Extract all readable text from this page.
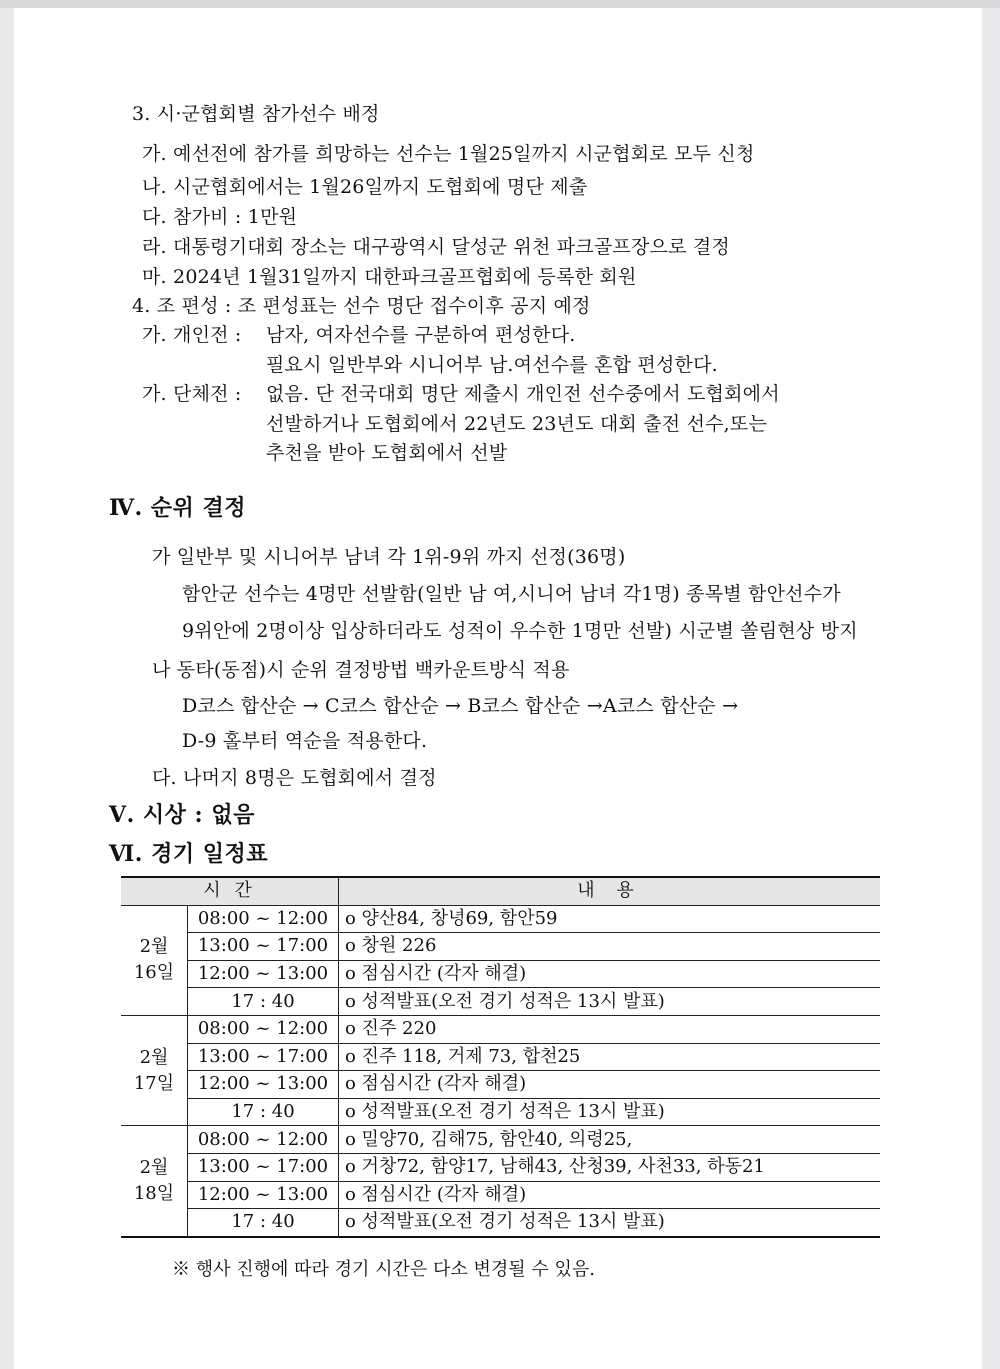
3. 시·군협회별 참가선수 배정
가. 예선전에 참가를 희망하는 선수는 1월25일까지 시군협회로 모두 신청
나. 시군협회에서는 1월26일까지 도협회에 명단 제출
다. 참가비 : 1만원
라. 대통령기대회 장소는 대구광역시 달성군 위천 파크골프장으로 결정
마. 2024년 1월31일까지 대한파크골프협회에 등록한 회원
4. 조 편성 : 조 편성표는 선수 명단 접수이후 공지 예정
가. 개인전 : 남자, 여자선수를 구분하여 편성한다.
필요시 일반부와 시니어부 남.여선수를 혼합 편성한다.
가. 단체전 : 없음. 단 전국대회 명단 제출시 개인전 선수중에서 도협회에서
선발하거나 도협회에서 22년도 23년도 대회 출전 선수,또는
추천을 받아 도협회에서 선발
Ⅳ. 순위 결정
가 일반부 및 시니어부 남녀 각 1위-9위 까지 선정(36명)
함안군 선수는 4명만 선발함(일반 남 여,시니어 남녀 각1명) 종목별 함안선수가
9위안에 2명이상 입상하더라도 성적이 우수한 1명만 선발) 시군별 쏠림현상 방지
나 동타(동점)시 순위 결정방법 백카운트방식 적용
D코스 합산순 → C코스 합산순 → B코스 합산순 →A코스 합산순 →
D-9 홀부터 역순을 적용한다.
다. 나머지 8명은 도협회에서 결정
Ⅴ. 시상 : 없음
Ⅵ. 경기 일정표
시 간		내 용

2월
16일	08:00 ~ 12:00	o 양산84, 창녕69, 함안59
	13:00 ~ 17:00	o 창원 226
	12:00 ~ 13:00	o 점심시간 (각자 해결)
	17 : 40	o 성적발표(오전 경기 성적은 13시 발표)

2월
17일	08:00 ~ 12:00	o 진주 220
	13:00 ~ 17:00	o 진주 118, 거제 73, 합천25
	12:00 ~ 13:00	o 점심시간 (각자 해결)
	17 : 40	o 성적발표(오전 경기 성적은 13시 발표)

2월
18일	08:00 ~ 12:00	o 밀양70, 김해75, 함안40, 의령25,
	13:00 ~ 17:00	o 거창72, 함양17, 남해43, 산청39, 사천33, 하동21
	12:00 ~ 13:00	o 점심시간 (각자 해결)
	17 : 40	o 성적발표(오전 경기 성적은 13시 발표)
※ 행사 진행에 따라 경기 시간은 다소 변경될 수 있음.
